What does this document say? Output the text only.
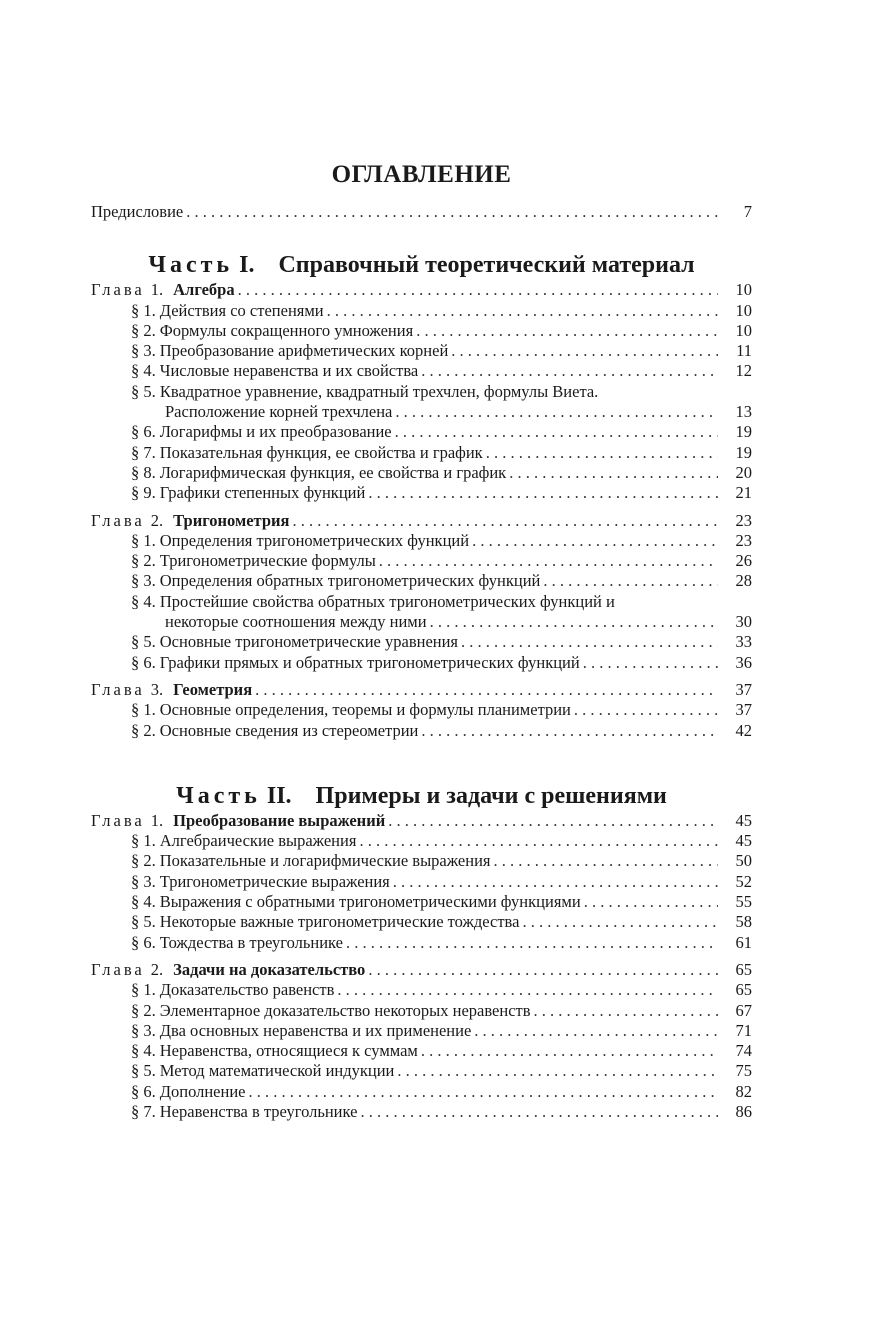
ОГЛАВЛЕНИЕ
Предисловие . . .	7
Часть I. Справочный теоретический материал
Глава 1. Алгебра . . .	10
§ 1. Действия со степенями . . .	10
§ 2. Формулы сокращенного умножения . . .	10
§ 3. Преобразование арифметических корней . . .	11
§ 4. Числовые неравенства и их свойства . . .	12
§ 5. Квадратное уравнение, квадратный трехчлен, формулы Виета.
Расположение корней трехчлена . . .	13
§ 6. Логарифмы и их преобразование . . .	19
§ 7. Показательная функция, ее свойства и график . . .	19
§ 8. Логарифмическая функция, ее свойства и график . . .	20
§ 9. Графики степенных функций . . .	21
Глава 2. Тригонометрия . . .	23
§ 1. Определения тригонометрических функций . . .	23
§ 2. Тригонометрические формулы . . .	26
§ 3. Определения обратных тригонометрических функций . . .	28
§ 4. Простейшие свойства обратных тригонометрических функций и
некоторые соотношения между ними . . .	30
§ 5. Основные тригонометрические уравнения . . .	33
§ 6. Графики прямых и обратных тригонометрических функций . . .	36
Глава 3. Геометрия . . .	37
§ 1. Основные определения, теоремы и формулы планиметрии . . .	37
§ 2. Основные сведения из стереометрии . . .	42
Часть II. Примеры и задачи с решениями
Глава 1. Преобразование выражений . . .	45
§ 1. Алгебраические выражения . . .	45
§ 2. Показательные и логарифмические выражения . . .	50
§ 3. Тригонометрические выражения . . .	52
§ 4. Выражения с обратными тригонометрическими функциями . . .	55
§ 5. Некоторые важные тригонометрические тождества . . .	58
§ 6. Тождества в треугольнике . . .	61
Глава 2. Задачи на доказательство . . .	65
§ 1. Доказательство равенств . . .	65
§ 2. Элементарное доказательство некоторых неравенств . . .	67
§ 3. Два основных неравенства и их применение . . .	71
§ 4. Неравенства, относящиеся к суммам . . .	74
§ 5. Метод математической индукции . . .	75
§ 6. Дополнение . . .	82
§ 7. Неравенства в треугольнике . . .	86
